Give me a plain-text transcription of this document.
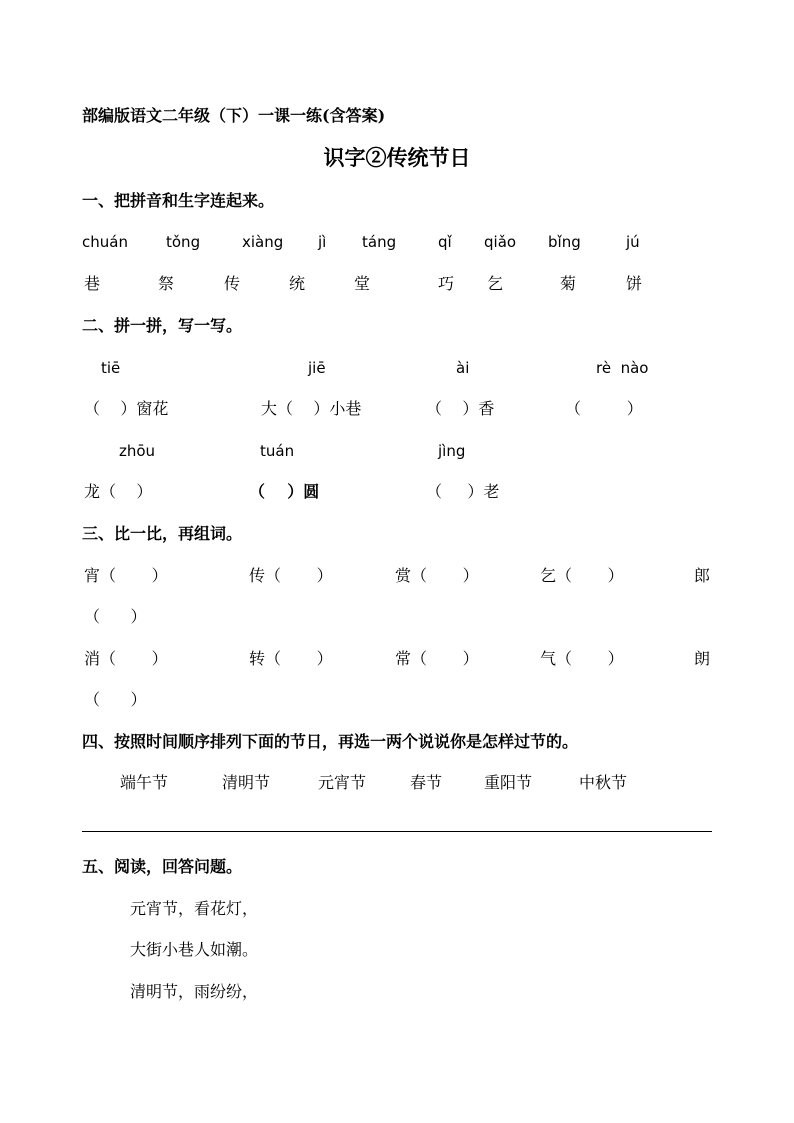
部编版语文二年级（下）一课一练(含答案)
识字②传统节日
一、把拼音和生字连起来。
chuán	tǒng	xiàng jì táng	qǐ qiǎo bǐng	jú
巷	祭	传	统	堂	巧 乞	菊	饼
二、拼一拼，写一写。
tiē	jiē	ài	rè  nào
（    ）窗花	大（    ）小巷	（    ）香	（         ）
zhōu	tuán	jìng
龙（    ）	（    ）圆	（     ）老
三、比一比，再组词。
宵（       ）	传（       ）	赏（       ）	乞（       ）	郎
（      ）
消（       ）	转（       ）	常（       ）	气（       ）	朗
（      ）
四、按照时间顺序排列下面的节日，再选一两个说说你是怎样过节的。
端午节	清明节	元宵节	春节	重阳节	中秋节
五、阅读，回答问题。
元宵节，看花灯，
大街小巷人如潮。
清明节，雨纷纷，
